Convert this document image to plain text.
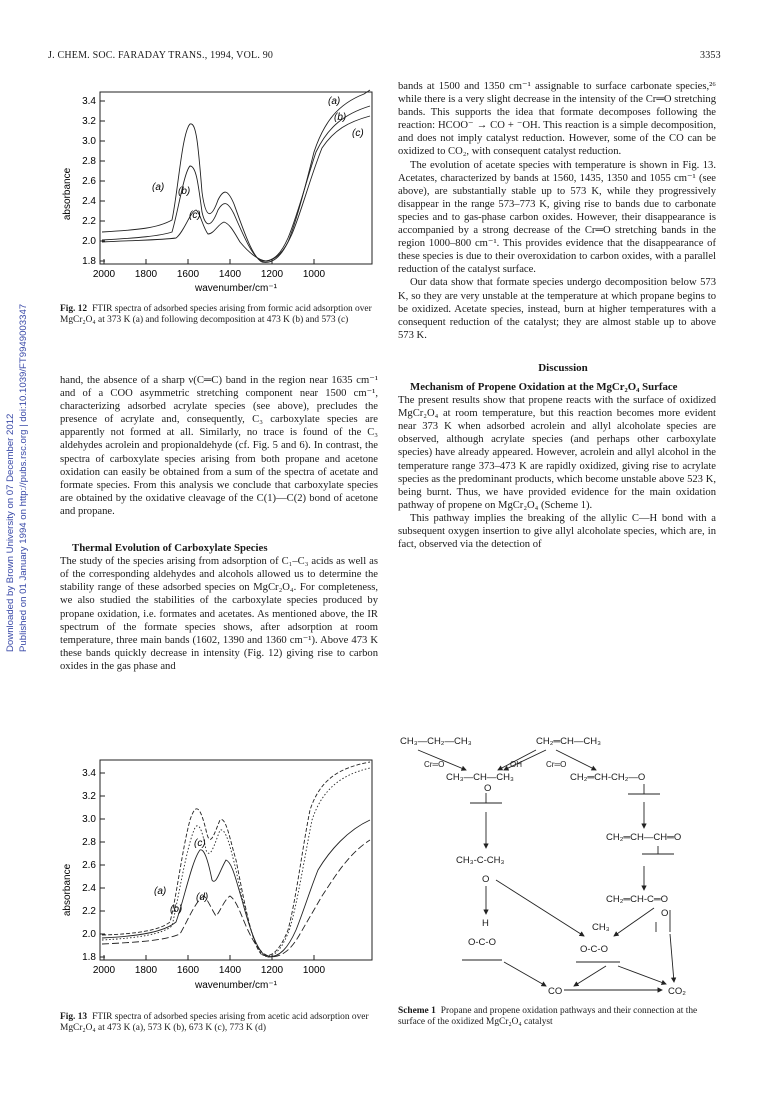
J. CHEM. SOC. FARADAY TRANS., 1994, VOL. 90	3353
Downloaded by Brown University on 07 December 2012 Published on 01 January 1994 on http://pubs.rsc.org | doi:10.1039/FT9949003347
absorbance
3.4
3.2
3.0
2.8
2.6
2.4
2.2
2.0
1.8
2000 1800 1600 1400 1200 1000
wavenumber/cm⁻¹
(a)
(b)
(c)
(a) (b)
(c)
Fig. 12 FTIR spectra of adsorbed species arising from formic acid adsorption over MgCr₂O₄ at 373 K (a) and following decomposition at 473 K (b) and 573 (c)

hand, the absence of a sharp ν(C═C) band in the region near 1635 cm⁻¹ and of a COO asymmetric stretching component near 1500 cm⁻¹, characterizing adsorbed acrylate species (see above), precludes the presence of acrylate and, consequently, C₃ carboxylate species are apparently not formed at all. Similarly, no trace is found of the C₃ aldehydes acrolein and propionaldehyde (cf. Fig. 5 and 6). In contrast, the spectra of carboxylate species arising from both propane and acetone oxidation can easily be obtained from a sum of the spectra of acetate and formate species. From this analysis we conclude that carboxylate species are obtained by the oxidative cleavage of the C(1)—C(2) bond of acetone and propane.

Thermal Evolution of Carboxylate Species

The study of the species arising from adsorption of C₁–C₃ acids as well as of the corresponding aldehydes and alcohols allowed us to determine the stability range of these adsorbed species on MgCr₂O₄. For completeness, we also studied the stabilities of the carboxylate species produced by propane oxidation, i.e. formates and acetates. As mentioned above, the IR spectrum of the formate species shows, after adsorption at room temperature, three main bands (1602, 1390 and 1360 cm⁻¹). Above 473 K these bands quickly decrease in intensity (Fig. 12) giving rise to carbon oxides in the gas phase and

absorbance
3.4
3.2
3.0
2.8
2.6
2.4
2.2
2.0
1.8
2000 1800 1600 1400 1200 1000
wavenumber/cm⁻¹
(c)
(a)
(b)
(d)
Fig. 13 FTIR spectra of adsorbed species arising from acetic acid adsorption over MgCr₂O₄ at 473 K (a), 573 K (b), 673 K (c), 773 K (d)

bands at 1500 and 1350 cm⁻¹ assignable to surface carbonate species,²⁶ while there is a very slight decrease in the intensity of the Cr═O stretching bands. This supports the idea that formate decomposes following the reaction: HCOO⁻ → CO + ⁻OH. This reaction is a simple decomposition, and does not imply catalyst reduction. However, some of the CO can be oxidized to CO₂, with consequent catalyst reduction.

The evolution of acetate species with temperature is shown in Fig. 13. Acetates, characterized by bands at 1560, 1435, 1350 and 1055 cm⁻¹ (see above), are substantially stable up to 573 K, while they progressively disappear in the range 573–773 K, giving rise to bands due to carbonate species and to gas-phase carbon oxides. However, their disappearance is accompanied by a strong decrease of the Cr═O stretching bands in the region 1000–800 cm⁻¹. This provides evidence that the disappearance of these species is due to their overoxidation to carbon oxides, with a parallel reduction of the catalyst surface.

Our data show that formate species undergo decomposition below 573 K, so they are very unstable at the temperature at which propane begins to be oxidized. Acetate species, instead, burn at higher temperatures with a consequent reduction of the catalyst; they are almost stable up to above 573 K.

Discussion

Mechanism of Propene Oxidation at the MgCr₂O₄ Surface

The present results show that propene reacts with the surface of oxidized MgCr₂O₄ at room temperature, but this reaction becomes more evident near 373 K when adsorbed acrolein and allyl alcoholate species are observed, although acrylate species (and perhaps other carboxylate species) have already appeared. However, acrolein and allyl alcohol in the temperature range 373–473 K are rapidly oxidized, giving rise to acrylate species as the predominant products, which become unstable above 523 K, being burnt. Thus, we have provided evidence for the main oxidation pathway of propene on MgCr₂O₄ (Scheme 1).

This pathway implies the breaking of the allylic C—H bond with a subsequent oxygen insertion to give allyl alcoholate species, which are, in fact, observed via the detection of

CH₃—CH₂—CH₃	CH₂═CH—CH₃
Cr═O	OH	Cr═O
CH₃—CH—CH₃
O
CH₂═CH-CH₂—O
CH₂═CH—CH═O
CH₃-C-CH₃
O
CH₂═CH-C═O
O
H
O-C-O
CH₃
O-C-O
CO	CO₂
Scheme 1 Propane and propene oxidation pathways and their connection at the surface of the oxidized MgCr₂O₄ catalyst
